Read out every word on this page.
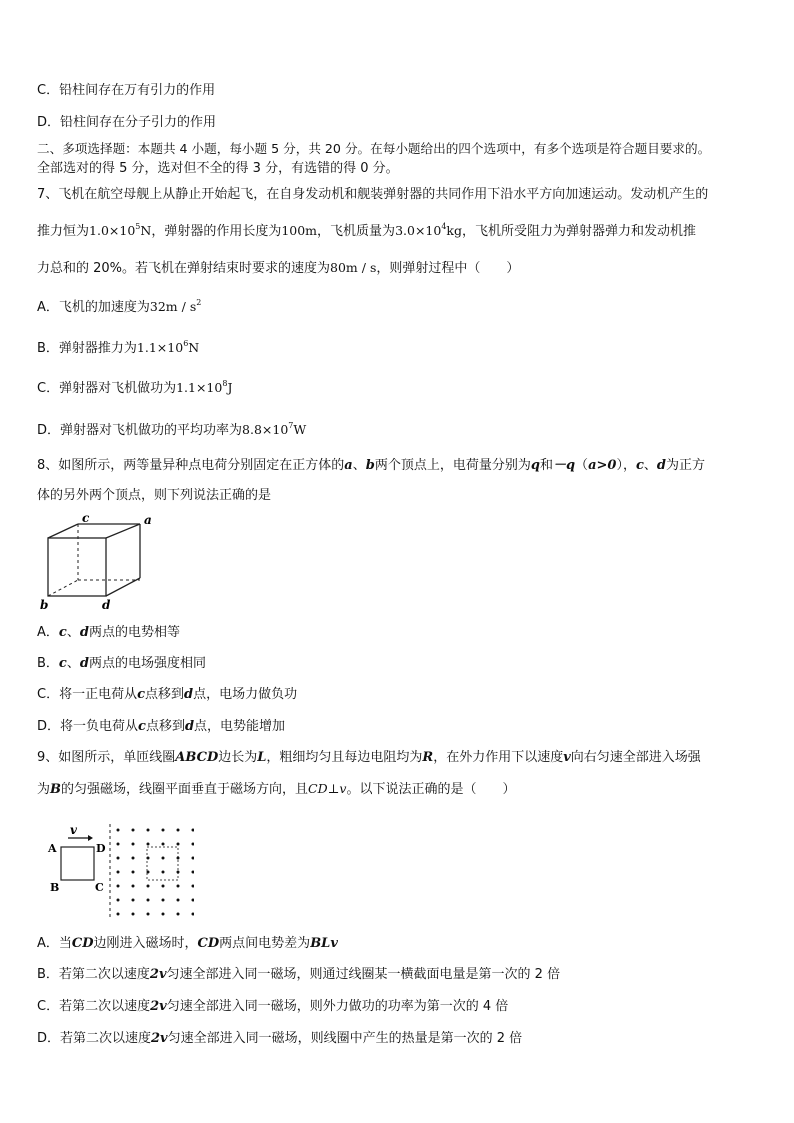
C．铅柱间存在万有引力的作用
D．铅柱间存在分子引力的作用
二、多项选择题：本题共 4 小题，每小题 5 分，共 20 分。在每小题给出的四个选项中，有多个选项是符合题目要求的。
全部选对的得 5 分，选对但不全的得 3 分，有选错的得 0 分。
7、飞机在航空母舰上从静止开始起飞，在自身发动机和舰装弹射器的共同作用下沿水平方向加速运动。发动机产生的
推力恒为$1.0\times 10^5N$，弹射器的作用长度为100m，飞机质量为$3.0\times 10^4kg$，飞机所受阻力为弹射器弹力和发动机推
力总和的 20%。若飞机在弹射结束时要求的速度为80m / s，则弹射过程中（　　）
A．飞机的加速度为$32m / s^2$
B．弹射器推力为$1.1\times 10^6N$
C．弹射器对飞机做功为$1.1\times 10^8J$
D．弹射器对飞机做功的平均功率为$8.8\times 10^7W$
8、如图所示，两等量异种点电荷分别固定在正方体的a、b两个顶点上，电荷量分别为q和－q（a>0），c、d为正方
体的另外两个顶点，则下列说法正确的是
c	a
b	d
A．c、d两点的电势相等
B．c、d两点的电场强度相同
C．将一正电荷从c点移到d点，电场力做负功
D．将一负电荷从c点移到d点，电势能增加
9、如图所示，单匝线圈ABCD边长为L，粗细均匀且每边电阻均为R，在外力作用下以速度v向右匀速全部进入场强
为B的匀强磁场，线圈平面垂直于磁场方向，且CD⊥v。以下说法正确的是（　　）
v
A	D
B	C
A．当CD边刚进入磁场时，CD两点间电势差为BLv
B．若第二次以速度2v匀速全部进入同一磁场，则通过线圈某一横截面电量是第一次的 2 倍
C．若第二次以速度2v匀速全部进入同一磁场，则外力做功的功率为第一次的 4 倍
D．若第二次以速度2v匀速全部进入同一磁场，则线圈中产生的热量是第一次的 2 倍
